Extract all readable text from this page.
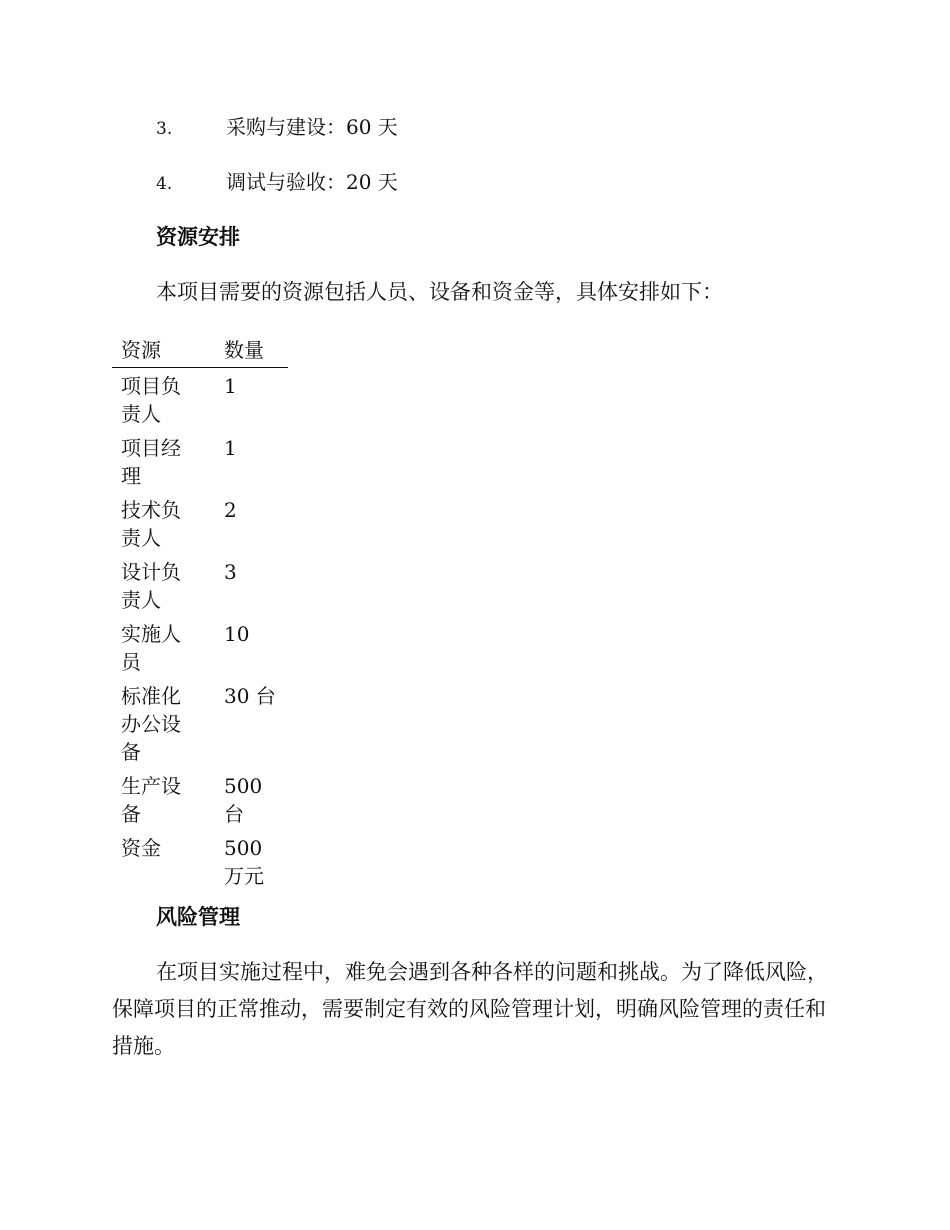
3.	采购与建设：60 天
4.	调试与验收：20 天
资源安排
本项目需要的资源包括人员、设备和资金等，具体安排如下：
资源	数量

项目负责人	1

项目经理	1

技术负责人	2

设计负责人	3

实施人员	10

标准化办公设备	30 台

生产设备	500 台

资金	500 万元
风险管理
在项目实施过程中，难免会遇到各种各样的问题和挑战。为了降低风险，保障项目的正常推动，需要制定有效的风险管理计划，明确风险管理的责任和措施。
